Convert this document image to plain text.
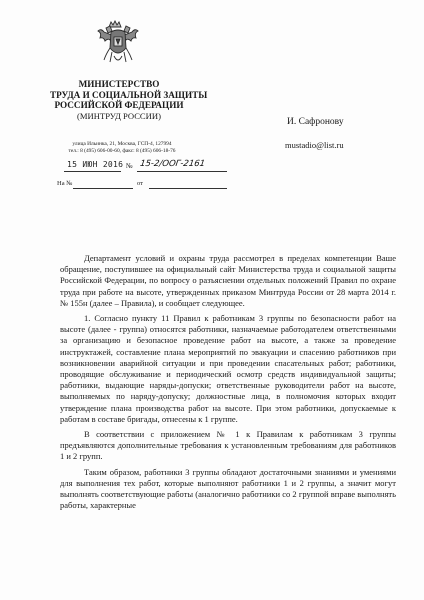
МИНИСТЕРСТВО
ТРУДА И СОЦИАЛЬНОЙ ЗАЩИТЫ
РОССИЙСКОЙ ФЕДЕРАЦИИ
(МИНТРУД РОССИИ)
улица Ильинка, 21, Москва, ГСП-4, 127994
тел.: 8 (495) 606-00-60, факс: 8 (495) 606-18-76
15 ИЮН 2016 № 15-2/ООГ-2161
На №	от
И. Сафронову
mustadio@list.ru

Департамент условий и охраны труда рассмотрел в пределах компетенции Ваше обращение, поступившее на официальный сайт Министерства труда и социальной защиты Российской Федерации, по вопросу о разъяснении отдельных положений Правил по охране труда при работе на высоте, утвержденных приказом Минтруда России от 28 марта 2014 г. № 155н (далее – Правила), и сообщает следующее.

1. Согласно пункту 11 Правил к работникам 3 группы по безопасности работ на высоте (далее - группа) относятся работники, назначаемые работодателем ответственными за организацию и безопасное проведение работ на высоте, а также за проведение инструктажей, составление плана мероприятий по эвакуации и спасению работников при возникновении аварийной ситуации и при проведении спасательных работ; работники, проводящие обслуживание и периодический осмотр средств индивидуальной защиты; работники, выдающие наряды-допуски; ответственные руководители работ на высоте, выполняемых по наряду-допуску; должностные лица, в полномочия которых входит утверждение плана производства работ на высоте. При этом работники, допускаемые к работам в составе бригады, отнесены к 1 группе.

В соответствии с приложением № 1 к Правилам к работникам 3 группы предъявляются дополнительные требования к установленным требованиям для работников 1 и 2 групп.

Таким образом, работники 3 группы обладают достаточными знаниями и умениями для выполнения тех работ, которые выполняют работники 1 и 2 группы, а значит могут выполнять соответствующие работы (аналогично работники со 2 группой вправе выполнять работы, характерные
